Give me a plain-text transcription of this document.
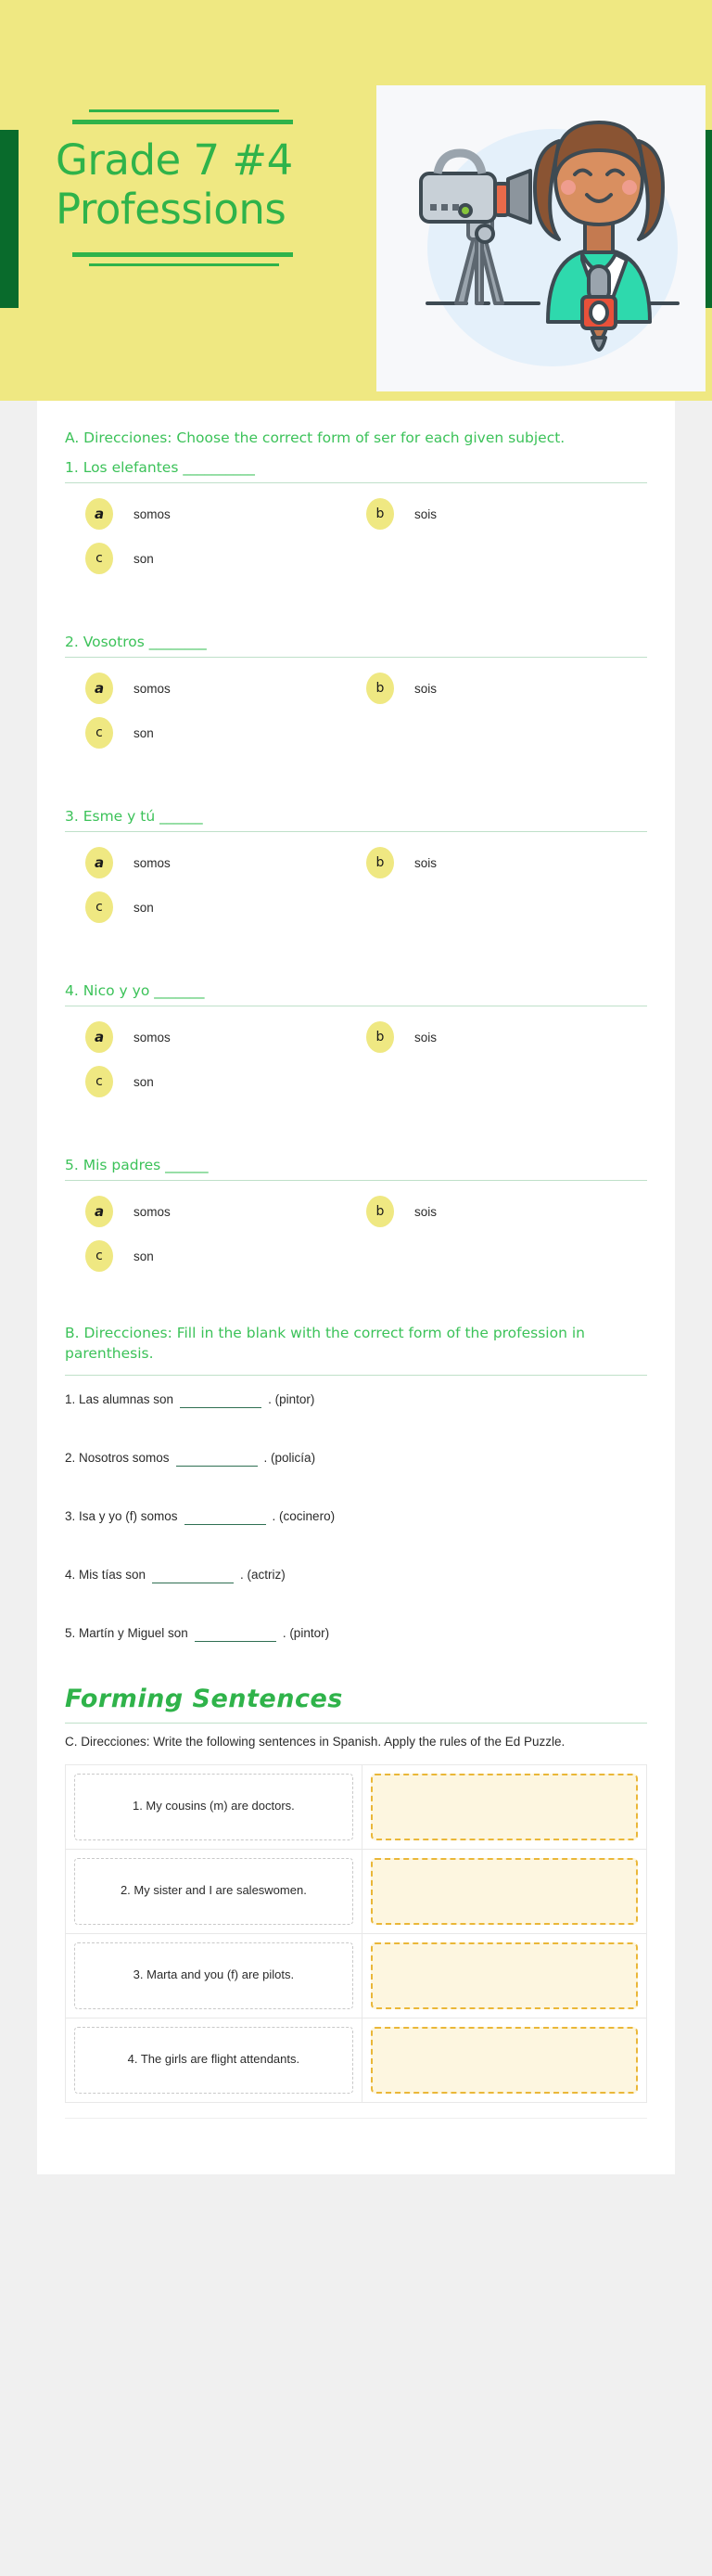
Grade 7 #4
Professions
A. Direcciones: Choose the correct form of ser for each given subject.
1. Los elefantes __________
a	somos	b	sois
c	son
2. Vosotros ________
a	somos	b	sois
c	son
3. Esme y tú ______
a	somos	b	sois
c	son
4. Nico y yo _______
a	somos	b	sois
c	son
5. Mis padres ______
a	somos	b	sois
c	son
B. Direcciones: Fill in the blank with the correct form of the profession in parenthesis.
1. Las alumnas son	. (pintor)
2. Nosotros somos	. (policía)
3. Isa y yo (f) somos	. (cocinero)
4. Mis tías son	. (actriz)
5. Martín y Miguel son	. (pintor)
Forming Sentences
C. Direcciones: Write the following sentences in Spanish. Apply the rules of the Ed Puzzle.
1. My cousins (m) are doctors.	

2. My sister and I are saleswomen.	

3. Marta and you (f) are pilots.	

4. The girls are flight attendants.	
